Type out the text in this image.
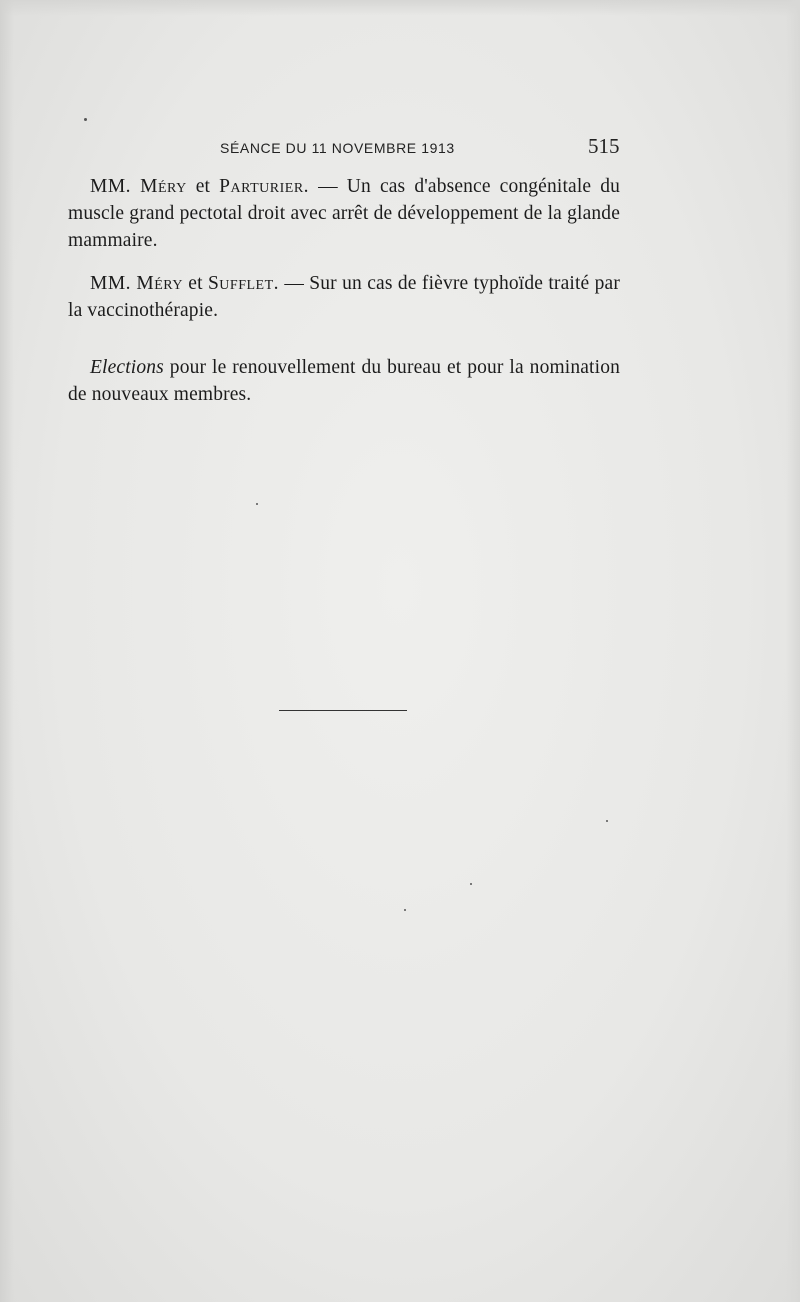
SÉANCE DU 11 NOVEMBRE 1913	515

MM. Méry et Parturier. — Un cas d'absence congénitale du muscle grand pectotal droit avec arrêt de développement de la glande mammaire.

MM. Méry et Sufflet. — Sur un cas de fièvre typhoïde traité par la vaccinothérapie.

Elections pour le renouvellement du bureau et pour la nomination de nouveaux membres.
